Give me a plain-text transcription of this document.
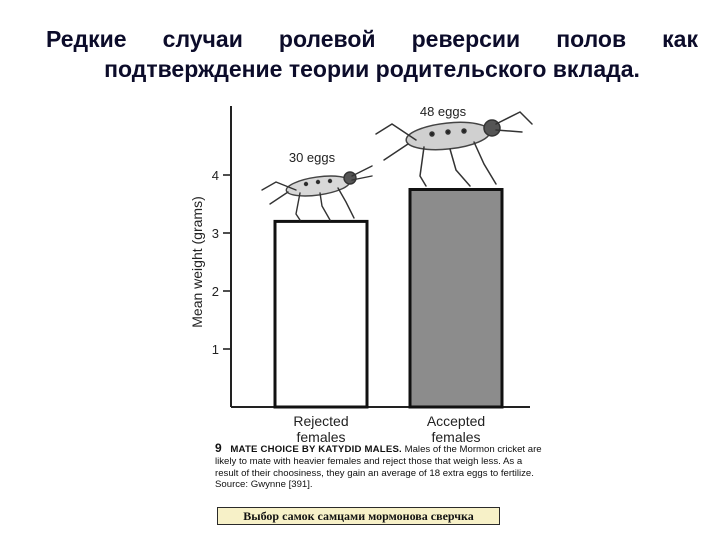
Редкие случаи ролевой реверсии полов как
подтверждение теории родительского вклада.
Mean weight (grams)
1
2
3
4
Rejected females
Accepted females
30 eggs
48 eggs
9 MATE CHOICE BY KATYDID MALES. Males of the Mormon cricket are likely to mate with heavier females and reject those that weigh less. As a result of their choosiness, they gain an average of 18 extra eggs to fertilize. Source: Gwynne [391].
Выбор самок самцами мормонова сверчка
